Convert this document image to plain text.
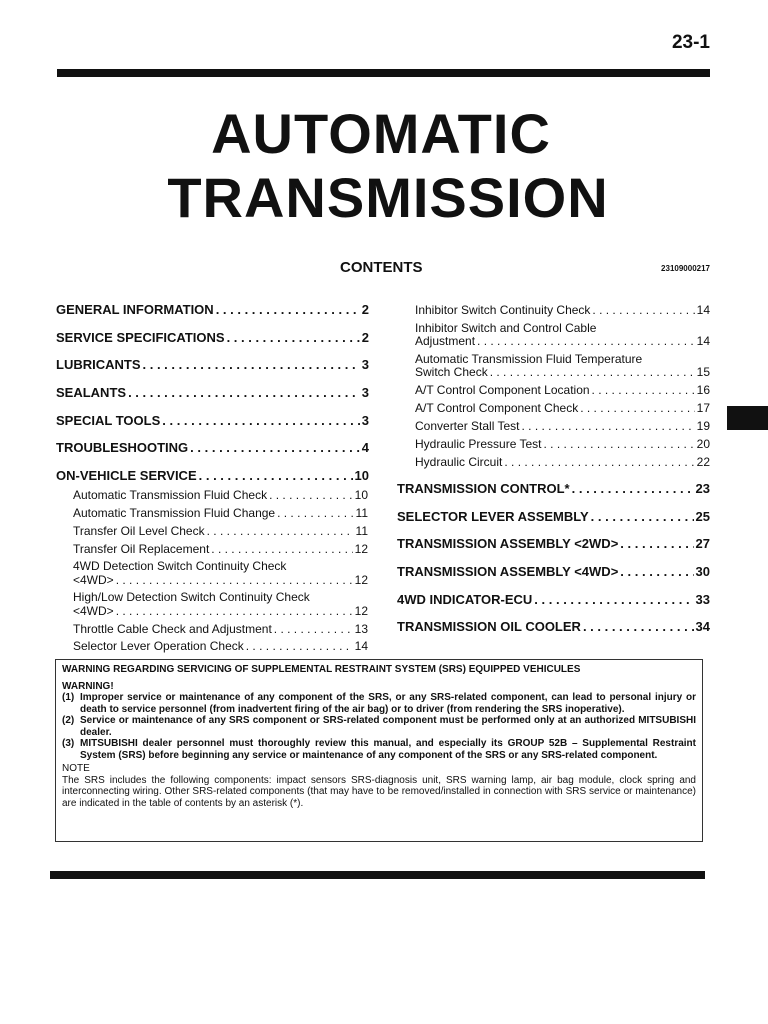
23-1
AUTOMATIC
TRANSMISSION
CONTENTS	23109000217
GENERAL INFORMATION . . .	2
SERVICE SPECIFICATIONS . . .	2
LUBRICANTS . . .	3
SEALANTS . . .	3
SPECIAL TOOLS . . .	3
TROUBLESHOOTING . . .	4
ON-VEHICLE SERVICE . . .	10
Automatic Transmission Fluid Check . . .	10
Automatic Transmission Fluid Change . . .	11
Transfer Oil Level Check . . .	11
Transfer Oil Replacement . . .	12
4WD Detection Switch Continuity Check
<4WD> . . .	12
High/Low Detection Switch Continuity Check
<4WD> . . .	12
Throttle Cable Check and Adjustment . . .	13
Selector Lever Operation Check . . .	14
Inhibitor Switch Continuity Check . . .	14
Inhibitor Switch and Control Cable
Adjustment . . .	14
Automatic Transmission Fluid Temperature
Switch Check . . .	15
A/T Control Component Location . . .	16
A/T Control Component Check . . .	17
Converter Stall Test . . .	19
Hydraulic Pressure Test . . .	20
Hydraulic Circuit . . .	22
TRANSMISSION CONTROL* . . .	23
SELECTOR LEVER ASSEMBLY . . .	25
TRANSMISSION ASSEMBLY <2WD> . . .	27
TRANSMISSION ASSEMBLY <4WD> . . .	30
4WD INDICATOR-ECU . . .	33
TRANSMISSION OIL COOLER . . .	34
WARNING REGARDING SERVICING OF SUPPLEMENTAL RESTRAINT SYSTEM (SRS) EQUIPPED VEHICULES
WARNING!
(1) Improper service or maintenance of any component of the SRS, or any SRS-related component, can lead to personal injury or death to service personnel (from inadvertent firing of the air bag) or to driver (from rendering the SRS inoperative).
(2) Service or maintenance of any SRS component or SRS-related component must be performed only at an authorized MITSUBISHI dealer.
(3) MITSUBISHI dealer personnel must thoroughly review this manual, and especially its GROUP 52B – Supplemental Restraint System (SRS) before beginning any service or maintenance of any component of the SRS or any SRS-related component.
NOTE
The SRS includes the following components: impact sensors SRS-diagnosis unit, SRS warning lamp, air bag module, clock spring and interconnecting wiring. Other SRS-related components (that may have to be removed/installed in connection with SRS service or maintenance) are indicated in the table of contents by an asterisk (*).
